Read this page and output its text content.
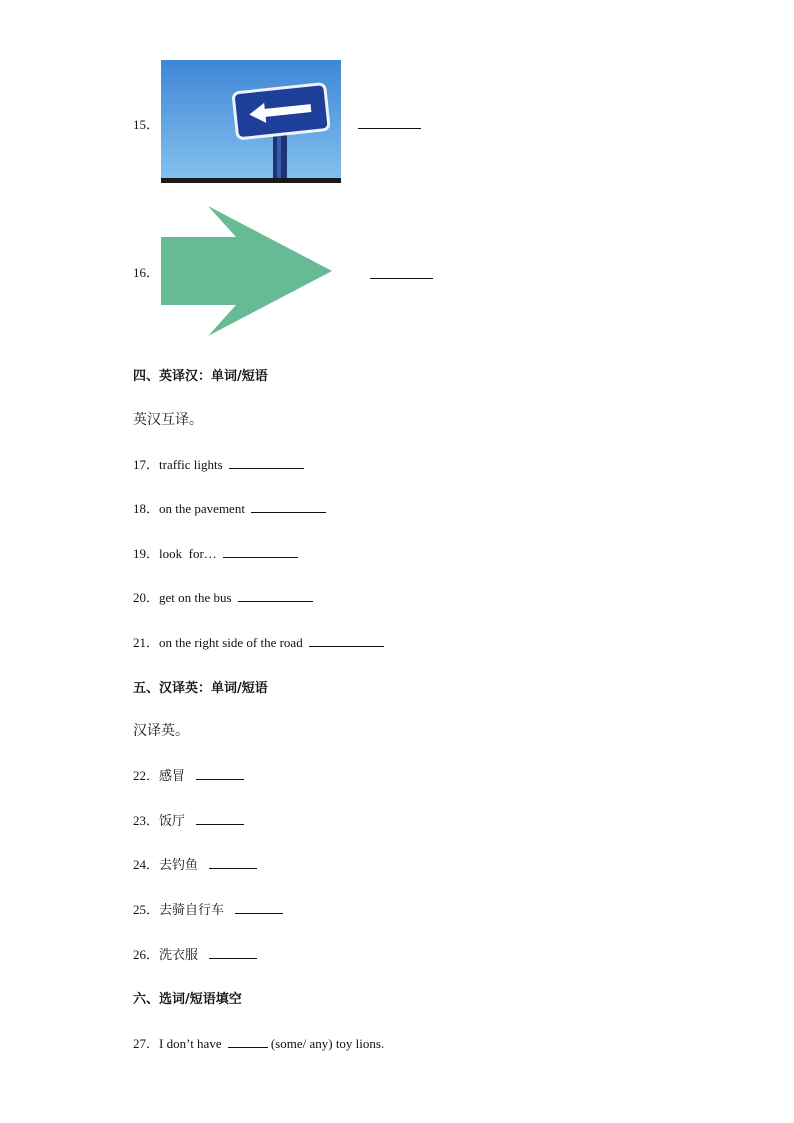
15．
16．
四、英译汉：单词/短语
英汉互译。
17．traffic lights
18．on the pavement
19．look  for…
20．get on the bus
21．on the right side of the road
五、汉译英：单词/短语
汉译英。
22．感冒
23．饭厅
24．去钓鱼
25．去骑自行车
26．洗衣服
六、选词/短语填空
27．I don’t have	(some/ any) toy lions.
